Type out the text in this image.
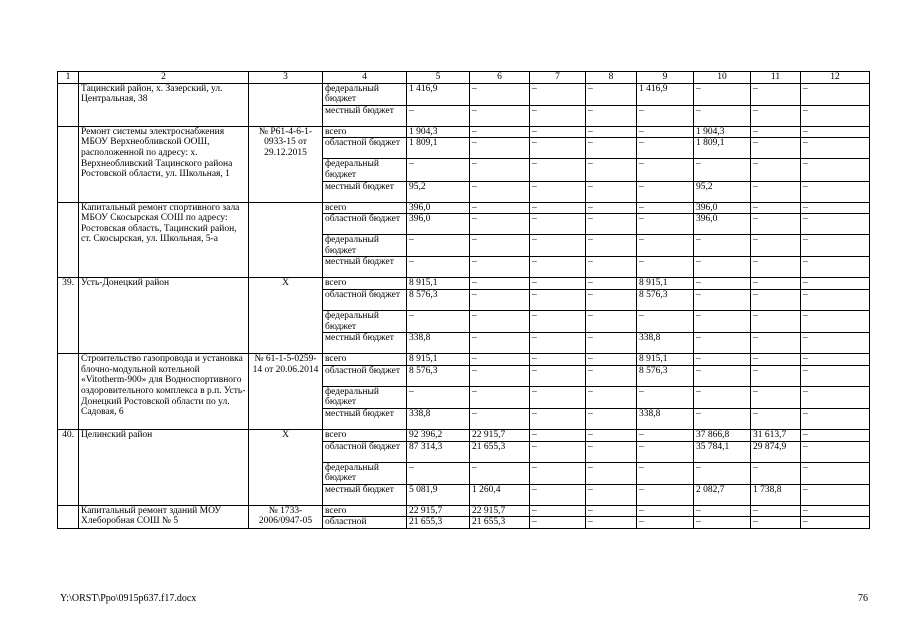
1	2	3	4	5	6	7	8	9	10	11	12
	Тацинский район, х. Зазерский, ул. Центральная, 38		федеральный бюджет	1 416,9	–	–	–	1 416,9	–	–	–
			местный бюджет	–	–	–	–	–	–	–	–
	Ремонт системы электроснабжения МБОУ Верхнеобливской ООШ, расположенной по адресу: х. Верхнеобливский Тацинского района Ростовской области, ул. Школьная, 1	№ Р61-4-6-1-0933-15 от 29.12.2015	всего	1 904,3	–	–	–	–	1 904,3	–	–
			областной бюджет	1 809,1	–	–	–	–	1 809,1	–	–
			федеральный бюджет	–	–	–	–	–	–	–	–
			местный бюджет	95,2	–	–	–	–	95,2	–	–
	Капитальный ремонт спортивного зала МБОУ Скосырская СОШ по адресу: Ростовская область, Тацинский район, ст. Скосырская, ул. Школьная, 5-а		всего	396,0	–	–	–	–	396,0	–	–
			областной бюджет	396,0	–	–	–	–	396,0	–	–
			федеральный бюджет	–	–	–	–	–	–	–	–
			местный бюджет	–	–	–	–	–	–	–	–
39.	Усть-Донецкий район	Х	всего	8 915,1	–	–	–	8 915,1	–	–	–
			областной бюджет	8 576,3	–	–	–	8 576,3	–	–	–
			федеральный бюджет	–	–	–	–	–	–	–	–
			местный бюджет	338,8	–	–	–	338,8	–	–	–
	Строительство газопровода и установка блочно-модульной котельной «Vitotherm-900» для Водноспортивного оздоровительного комплекса в р.п. Усть-Донецкий Ростовской области по ул. Садовая, 6	№ 61-1-5-0259-14 от 20.06.2014	всего	8 915,1	–	–	–	8 915,1	–	–	–
			областной бюджет	8 576,3	–	–	–	8 576,3	–	–	–
			федеральный бюджет	–	–	–	–	–	–	–	–
			местный бюджет	338,8	–	–	–	338,8	–	–	–
40.	Целинский район	Х	всего	92 396,2	22 915,7	–	–	–	37 866,8	31 613,7	–
			областной бюджет	87 314,3	21 655,3	–	–	–	35 784,1	29 874,9	–
			федеральный бюджет	–	–	–	–	–	–	–	–
			местный бюджет	5 081,9	1 260,4	–	–	–	2 082,7	1 738,8	–
	Капитальный ремонт зданий МОУ Хлеборобная СОШ № 5	№ 1733-2006/0947-05	всего	22 915,7	22 915,7	–	–	–	–	–	–
			областной	21 655,3	21 655,3	–	–	–	–	–	–
Y:\ORST\Ppo\0915p637.f17.docx	76
